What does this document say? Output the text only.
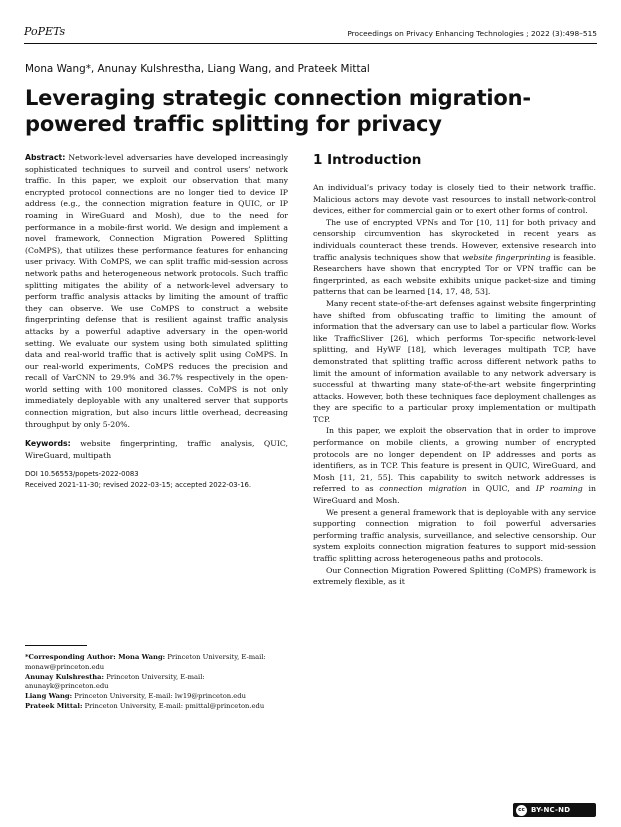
PoPETs	Proceedings on Privacy Enhancing Technologies ; 2022 (3):498–515
Mona Wang*, Anunay Kulshrestha, Liang Wang, and Prateek Mittal
Leveraging strategic connection migration-powered traffic splitting for privacy
Abstract: Network-level adversaries have developed increasingly sophisticated techniques to surveil and control users’ network traffic. In this paper, we exploit our observation that many encrypted protocol connections are no longer tied to device IP address (e.g., the connection migration feature in QUIC, or IP roaming in WireGuard and Mosh), due to the need for performance in a mobile-first world. We design and implement a novel framework, Connection Migration Powered Splitting (CoMPS), that utilizes these performance features for enhancing user privacy. With CoMPS, we can split traffic mid-session across network paths and heterogeneous network protocols. Such traffic splitting mitigates the ability of a network-level adversary to perform traffic analysis attacks by limiting the amount of traffic they can observe. We use CoMPS to construct a website fingerprinting defense that is resilient against traffic analysis attacks by a powerful adaptive adversary in the open-world setting. We evaluate our system using both simulated splitting data and real-world traffic that is actively split using CoMPS. In our real-world experiments, CoMPS reduces the precision and recall of VarCNN to 29.9% and 36.7% respectively in the open-world setting with 100 monitored classes. CoMPS is not only immediately deployable with any unaltered server that supports connection migration, but also incurs little overhead, decreasing throughput by only 5-20%.
Keywords: website fingerprinting, traffic analysis, QUIC, WireGuard, multipath
DOI 10.56553/popets-2022-0083
Received 2021-11-30; revised 2022-03-15; accepted 2022-03-16.
*Corresponding Author: Mona Wang: Princeton University, E-mail: monaw@princeton.edu
Anunay Kulshrestha: Princeton University, E-mail: anunayk@princeton.edu
Liang Wang: Princeton University, E-mail: lw19@princeton.edu
Prateek Mittal: Princeton University, E-mail: pmittal@princeton.edu
1 Introduction

An individual’s privacy today is closely tied to their network traffic. Malicious actors may devote vast resources to install network-control devices, either for commercial gain or to exert other forms of control.

The use of encrypted VPNs and Tor [10, 11] for both privacy and censorship circumvention has skyrocketed in recent years as individuals counteract these trends. However, extensive research into traffic analysis techniques show that website fingerprinting is feasible. Researchers have shown that encrypted Tor or VPN traffic can be fingerprinted, as each website exhibits unique packet-size and timing patterns that can be learned [14, 17, 48, 53].

Many recent state-of-the-art defenses against website fingerprinting have shifted from obfuscating traffic to limiting the amount of information that the adversary can use to label a particular flow. Works like TrafficSliver [26], which performs Tor-specific network-level splitting, and HyWF [18], which leverages multipath TCP, have demonstrated that splitting traffic across different network paths to limit the amount of information available to any network adversary is successful at thwarting many state-of-the-art website fingerprinting attacks. However, both these techniques face deployment challenges as they are specific to a particular proxy implementation or multipath TCP.

In this paper, we exploit the observation that in order to improve performance on mobile clients, a growing number of encrypted protocols are no longer dependent on IP addresses and ports as identifiers, as in TCP. This feature is present in QUIC, WireGuard, and Mosh [11, 21, 55]. This capability to switch network addresses is referred to as connection migration in QUIC, and IP roaming in WireGuard and Mosh.

We present a general framework that is deployable with any service supporting connection migration to foil powerful adversaries performing traffic analysis, surveillance, and selective censorship. Our system exploits connection migration features to support mid-session traffic splitting across heterogeneous paths and protocols.

Our Connection Migration Powered Splitting (CoMPS) framework is extremely flexible, as it

cc BY-NC-ND
